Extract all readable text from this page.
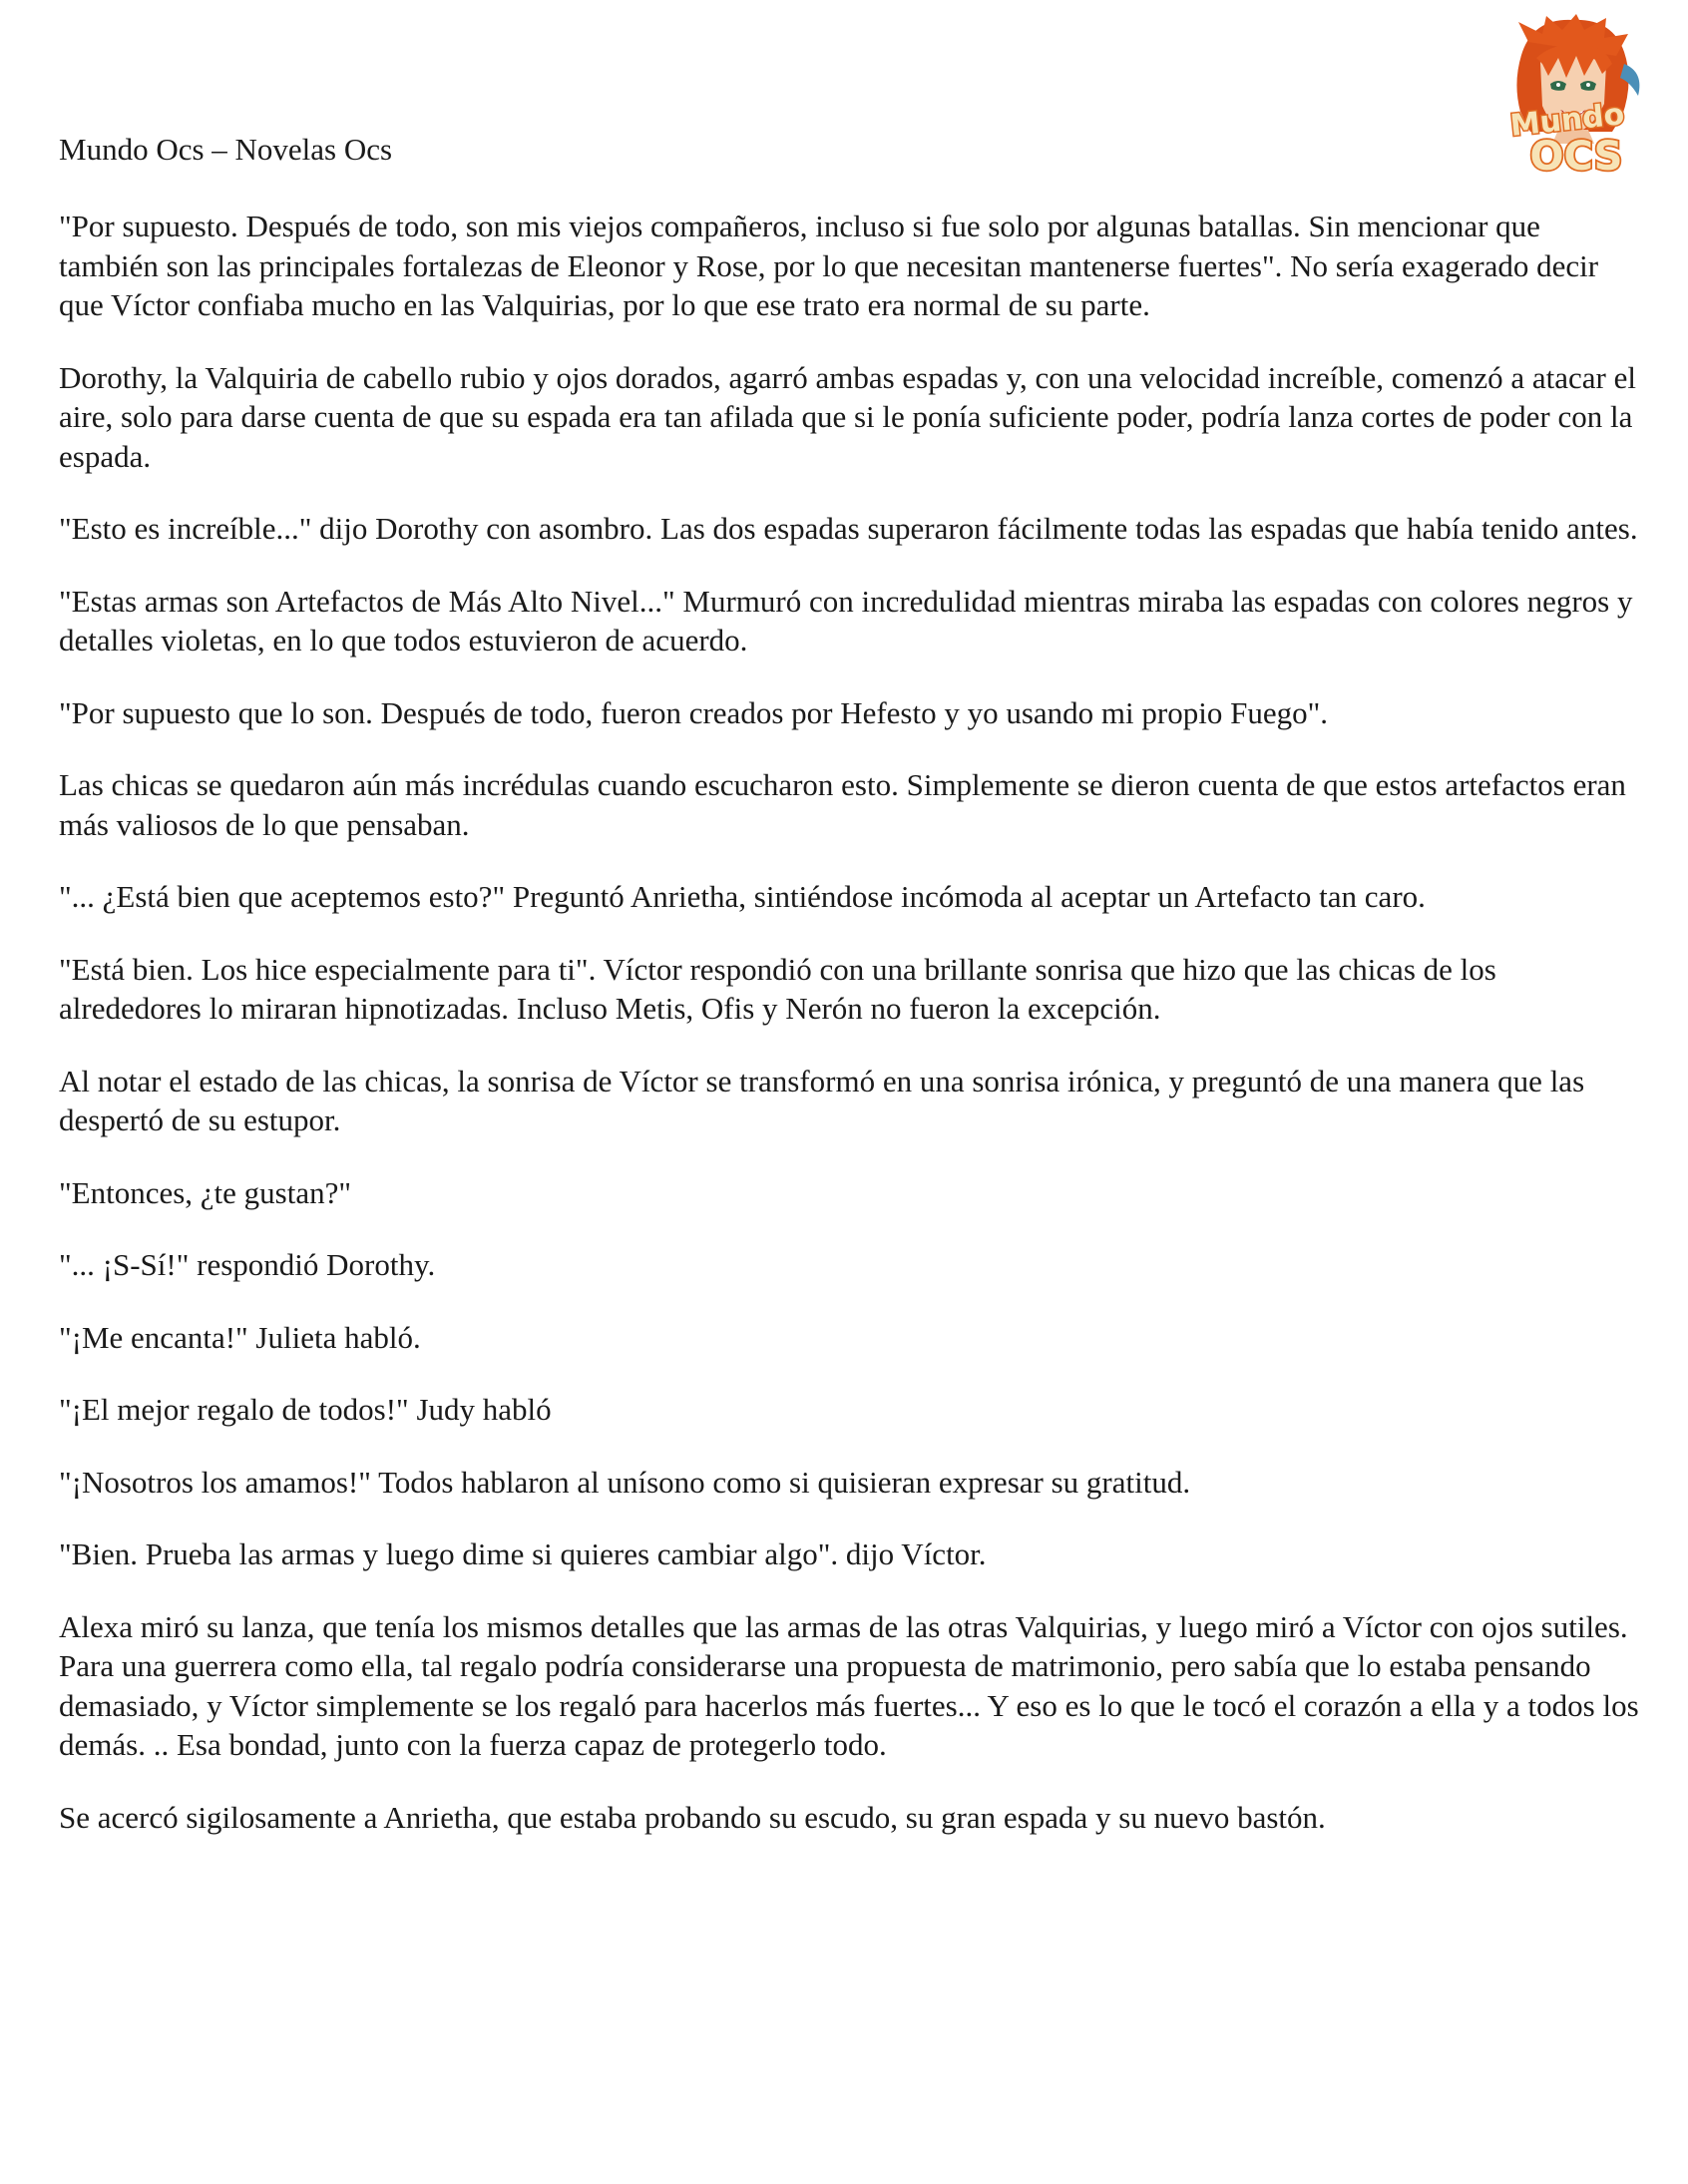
Mundo Ocs – Novelas Ocs
Mundo
OCS

"Por supuesto. Después de todo, son mis viejos compañeros, incluso si fue solo por algunas batallas. Sin mencionar que también son las principales fortalezas de Eleonor y Rose, por lo que necesitan mantenerse fuertes". No sería exagerado decir que Víctor confiaba mucho en las Valquirias, por lo que ese trato era normal de su parte.

Dorothy, la Valquiria de cabello rubio y ojos dorados, agarró ambas espadas y, con una velocidad increíble, comenzó a atacar el aire, solo para darse cuenta de que su espada era tan afilada que si le ponía suficiente poder, podría lanza cortes de poder con la espada.

"Esto es increíble..." dijo Dorothy con asombro. Las dos espadas superaron fácilmente todas las espadas que había tenido antes.

"Estas armas son Artefactos de Más Alto Nivel..." Murmuró con incredulidad mientras miraba las espadas con colores negros y detalles violetas, en lo que todos estuvieron de acuerdo.

"Por supuesto que lo son. Después de todo, fueron creados por Hefesto y yo usando mi propio Fuego".

Las chicas se quedaron aún más incrédulas cuando escucharon esto. Simplemente se dieron cuenta de que estos artefactos eran más valiosos de lo que pensaban.

"... ¿Está bien que aceptemos esto?" Preguntó Anrietha, sintiéndose incómoda al aceptar un Artefacto tan caro.

"Está bien. Los hice especialmente para ti". Víctor respondió con una brillante sonrisa que hizo que las chicas de los alrededores lo miraran hipnotizadas. Incluso Metis, Ofis y Nerón no fueron la excepción.

Al notar el estado de las chicas, la sonrisa de Víctor se transformó en una sonrisa irónica, y preguntó de una manera que las despertó de su estupor.

"Entonces, ¿te gustan?"

"... ¡S-Sí!" respondió Dorothy.

"¡Me encanta!" Julieta habló.

"¡El mejor regalo de todos!" Judy habló

"¡Nosotros los amamos!" Todos hablaron al unísono como si quisieran expresar su gratitud.

"Bien. Prueba las armas y luego dime si quieres cambiar algo". dijo Víctor.

Alexa miró su lanza, que tenía los mismos detalles que las armas de las otras Valquirias, y luego miró a Víctor con ojos sutiles. Para una guerrera como ella, tal regalo podría considerarse una propuesta de matrimonio, pero sabía que lo estaba pensando demasiado, y Víctor simplemente se los regaló para hacerlos más fuertes... Y eso es lo que le tocó el corazón a ella y a todos los demás. .. Esa bondad, junto con la fuerza capaz de protegerlo todo.

Se acercó sigilosamente a Anrietha, que estaba probando su escudo, su gran espada y su nuevo bastón.
